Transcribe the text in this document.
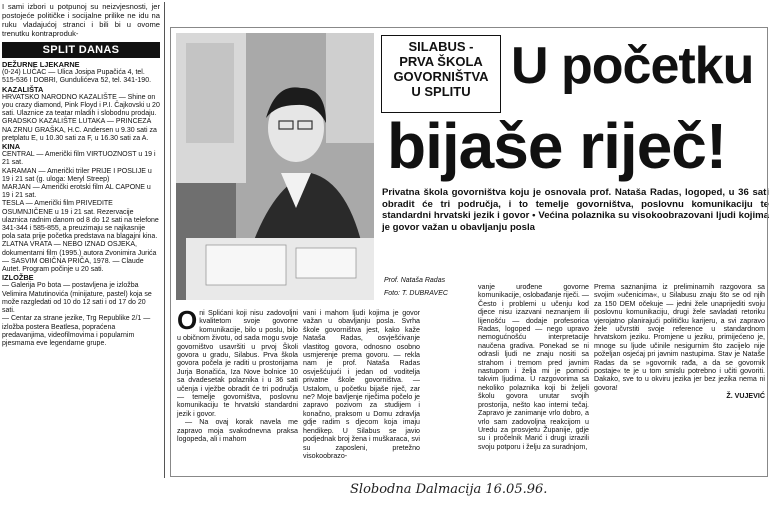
I sami izbori u potpunoj su neizvjesnosti, jer postojeće političke i socijalne prilike ne idu na ruku vladajućoj stranci i bili bi u ovome trenutku kontraproduk-
SPLIT DANAS
DEŽURNE LJEKARNE
(0-24) LUČAC — Ulica Josipa Pupačića 4, tel. 515-536 I DOBRI, Gundulićeva 52, tel. 341-190.
KAZALIŠTA
HRVATSKO NARODNO KAZALIŠTE — Shine on you crazy diamond, Pink Floyd i P.I. Čajkovski u 20 sati. Ulaznice za teatar mladih i slobodnu prodaju.
GRADSKO KAZALIŠTE LUTAKA — PRINCEZA NA ZRNU GRAŠKA, H.C. Andersen u 9.30 sati za pretplatu E, u 10.30 sati za F, u 16.30 sati za A.
KINA
CENTRAL — Američki film VIRTUOZNOST u 19 i 21 sat.
KARAMAN — Američki triler PRIJE I POSLIJE u 19 i 21 sat (g. uloga: Meryl Streep)
MARJAN — Američki erotski film AL CAPONE u 19 i 21 sat.
TESLA — Američki film PRIVEDITE OSUMNJIČENE u 19 i 21 sat. Rezervacije ulaznica radnim danom od 8 do 12 sati na telefone 341-344 i 585-855, a preuzimaju se najkasnije pola sata prije početka predstava na blagajni kina.
ZLATNA VRATA — NEBO IZNAD OSJEKA, dokumentarni film (1995.) autora Zvonimira Jurića
— SASVIM OBIČNA PRIČA, 1978. — Claude Autet. Program počinje u 20 sati.
IZLOŽBE
— Galerija Po bota — postavljena je izložba Velimira Matutinovića (minijature, pastel) koja se može razgledati od 10 do 12 sati i od 17 do 20 sati.
— Centar za strane jezike, Trg Republike 2/1 — izložba postera Beatlesa, popraćena predavanjima, videofilmovima i popularnim pjesmama eve legendarne grupe.
SILABUS -
PRVA ŠKOLA
GOVORNIŠTVA
U SPLITU U početku
bijaše riječ!
Privatna škola govorništva koju je osnovala prof. Nataša Radas, logoped, u 36 sati obradit će tri područja, i to temelje govorništva, poslovnu komunikaciju te standardni hrvatski jezik i govor • Većina polaznika su visokoobrazovani ljudi kojima je govor važan u obavljanju posla
Prof. Nataša Radas
Foto: T. DUBRAVEC
O ni Splićani koji nisu zadovoljni kvalitetom svoje govorne komunikacije, bilo u poslu, bilo u običnom životu, od sada mogu svoje govorništvo usavršiti u prvoj Školi govora u gradu, Silabus. Prva škola govora počela je raditi u prostorijama Jurja Bonačića, Iza Nove bolnice 10 sa dvadesetak polaznika i u 36 sati učenja i vježbe obradit će tri područja — temelje govorništva, poslovnu komunikaciju te hrvatski standardni jezik i govor.

— Na ovaj korak navela me zapravo moja svakodnevna praksa logopeda, ali i mahom

vani i mahom ljudi kojima je govor važan u obavljanju posla. Svrha škole govorništva jest, kako kaže Nataša Radas, osvješćivanje vlastitog govora, odnosno osobno usmjerenje prema govoru. — rekla nam je prof. Nataša Radas osvješćujući i jedan od voditelja privatne škole govorništva. — Ustalom, u početku bijaše riječ, zar ne? Moje bavljenje riječima počelo je zapravo pozivom za studijem i konačno, praksom u Domu zdravlja gdje radim s djecom koja imaju hendikep. U Silabus se javio podjednak broj žena i muškaraca, svi su zaposleni, pretežno visokoobrazo-
vanje urođene govorne komunikacije, oslobađanje riječi. — Često i problemi u učenju kod djece nisu izazvani neznanjem ili lijenošću — dodaje profesorica Radas, logoped — nego upravo nemogućnošću interpretacije naučena gradiva. Ponekad se ni odrasli ljudi ne znaju nositi sa strahom i tremom pred javnim nastupom i želja mi je pomoći takvim ljudima. U razgovorima sa nekoliko polaznika koji bi željeli školu govora unutar svojih prostorija, nešto kao interni tečaj. Zapravo je zanimanje vrlo dobro, a vrlo sam zadovoljna reakcijom u Uredu za prosvjetu Županije, gdje su i pročelnik Marić i drugi izrazili svoju potporu i želju za suradnjom,

Prema saznanjima iz preliminarnih razgovora sa svojim »učenicima«, u Silabusu znaju što se od njih za 150 DEM očekuje — jedni žele unaprijediti svoju poslovnu komunikaciju, drugi žele savladati retoriku vjerojatno planirajući političku karijeru, a svi zapravo žele učvrstiti svoje reference u standardnom hrvatskom jeziku. Promjene u jeziku, primijećeno je, mnoge su ljude učinile nesigurnim što zacijelo nije poželjan osjećaj pri javnim nastupima. Stav je Nataše Radas da se »govornik rađa, a da se govornik postaje« te je u tom smislu potrebno i učiti govoriti. Dakako, sve to u okviru jezika jer bez jezika nema ni govora!

Ž. VUJEVIĆ

Slobodna Dalmacija 16.05.96.
